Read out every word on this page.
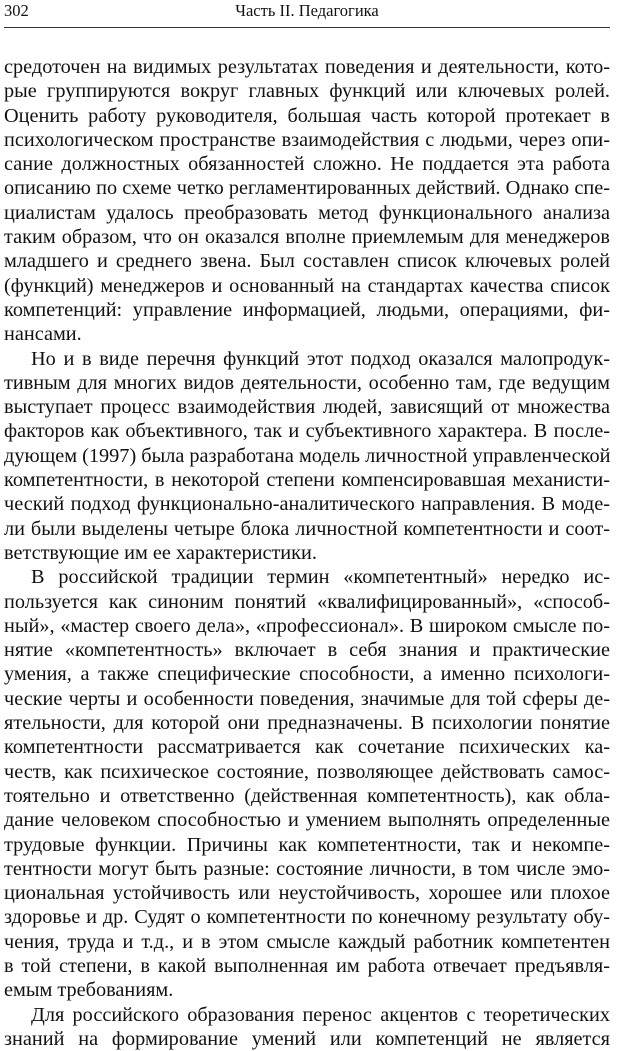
302	Часть II. Педагогика
средоточен на видимых результатах поведения и деятельности, кото-
рые группируются вокруг главных функций или ключевых ролей.
Оценить работу руководителя, большая часть которой протекает в
психологическом пространстве взаимодействия с людьми, через опи-
сание должностных обязанностей сложно. Не поддается эта работа
описанию по схеме четко регламентированных действий. Однако спе-
циалистам удалось преобразовать метод функционального анализа
таким образом, что он оказался вполне приемлемым для менеджеров
младшего и среднего звена. Был составлен список ключевых ролей
(функций) менеджеров и основанный на стандартах качества список
компетенций: управление информацией, людьми, операциями, фи-
нансами.
Но и в виде перечня функций этот подход оказался малопродук-
тивным для многих видов деятельности, особенно там, где ведущим
выступает процесс взаимодействия людей, зависящий от множества
факторов как объективного, так и субъективного характера. В после-
дующем (1997) была разработана модель личностной управленческой
компетентности, в некоторой степени компенсировавшая механисти-
ческий подход функционально-аналитического направления. В моде-
ли были выделены четыре блока личностной компетентности и соот-
ветствующие им ее характеристики.
В российской традиции термин «компетентный» нередко ис-
пользуется как синоним понятий «квалифицированный», «способ-
ный», «мастер своего дела», «профессионал». В широком смысле по-
нятие «компетентность» включает в себя знания и практические
умения, а также специфические способности, а именно психологи-
ческие черты и особенности поведения, значимые для той сферы де-
ятельности, для которой они предназначены. В психологии понятие
компетентности рассматривается как сочетание психических ка-
честв, как психическое состояние, позволяющее действовать самос-
тоятельно и ответственно (действенная компетентность), как обла-
дание человеком способностью и умением выполнять определенные
трудовые функции. Причины как компетентности, так и некомпе-
тентности могут быть разные: состояние личности, в том числе эмо-
циональная устойчивость или неустойчивость, хорошее или плохое
здоровье и др. Судят о компетентности по конечному результату обу-
чения, труда и т.д., и в этом смысле каждый работник компетентен
в той степени, в какой выполненная им работа отвечает предъявля-
емым требованиям.
Для российского образования перенос акцентов с теоретических
знаний на формирование умений или компетенций не является
